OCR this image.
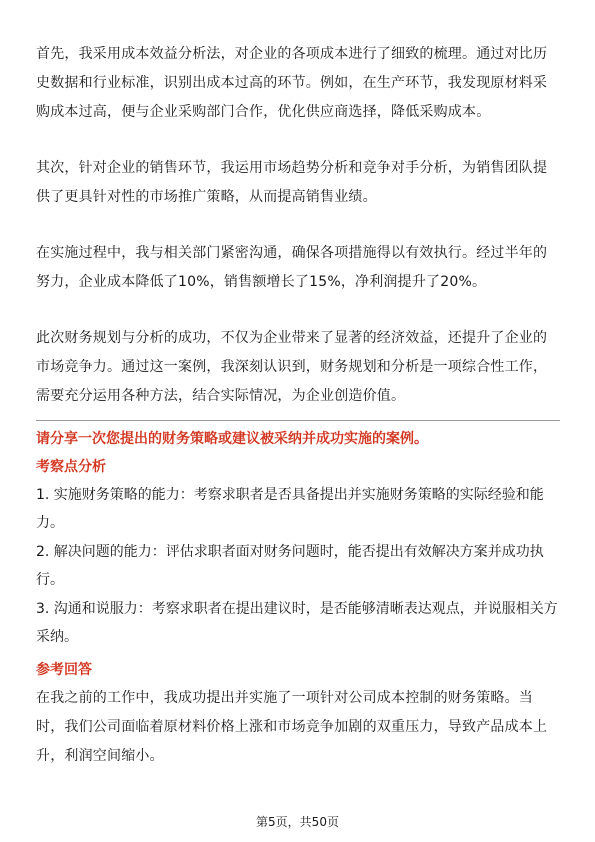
首先，我采用成本效益分析法，对企业的各项成本进行了细致的梳理。通过对比历史数据和行业标准，识别出成本过高的环节。例如，在生产环节，我发现原材料采购成本过高，便与企业采购部门合作，优化供应商选择，降低采购成本。

其次，针对企业的销售环节，我运用市场趋势分析和竞争对手分析，为销售团队提供了更具针对性的市场推广策略，从而提高销售业绩。

在实施过程中，我与相关部门紧密沟通，确保各项措施得以有效执行。经过半年的努力，企业成本降低了10%，销售额增长了15%，净利润提升了20%。

此次财务规划与分析的成功，不仅为企业带来了显著的经济效益，还提升了企业的市场竞争力。通过这一案例，我深刻认识到，财务规划和分析是一项综合性工作，需要充分运用各种方法，结合实际情况，为企业创造价值。

请分享一次您提出的财务策略或建议被采纳并成功实施的案例。

考察点分析

1. 实施财务策略的能力：考察求职者是否具备提出并实施财务策略的实际经验和能力。
2. 解决问题的能力：评估求职者面对财务问题时，能否提出有效解决方案并成功执行。
3. 沟通和说服力：考察求职者在提出建议时，是否能够清晰表达观点，并说服相关方采纳。

参考回答

在我之前的工作中，我成功提出并实施了一项针对公司成本控制的财务策略。当时，我们公司面临着原材料价格上涨和市场竞争加剧的双重压力，导致产品成本上升，利润空间缩小。

第5页，共50页
